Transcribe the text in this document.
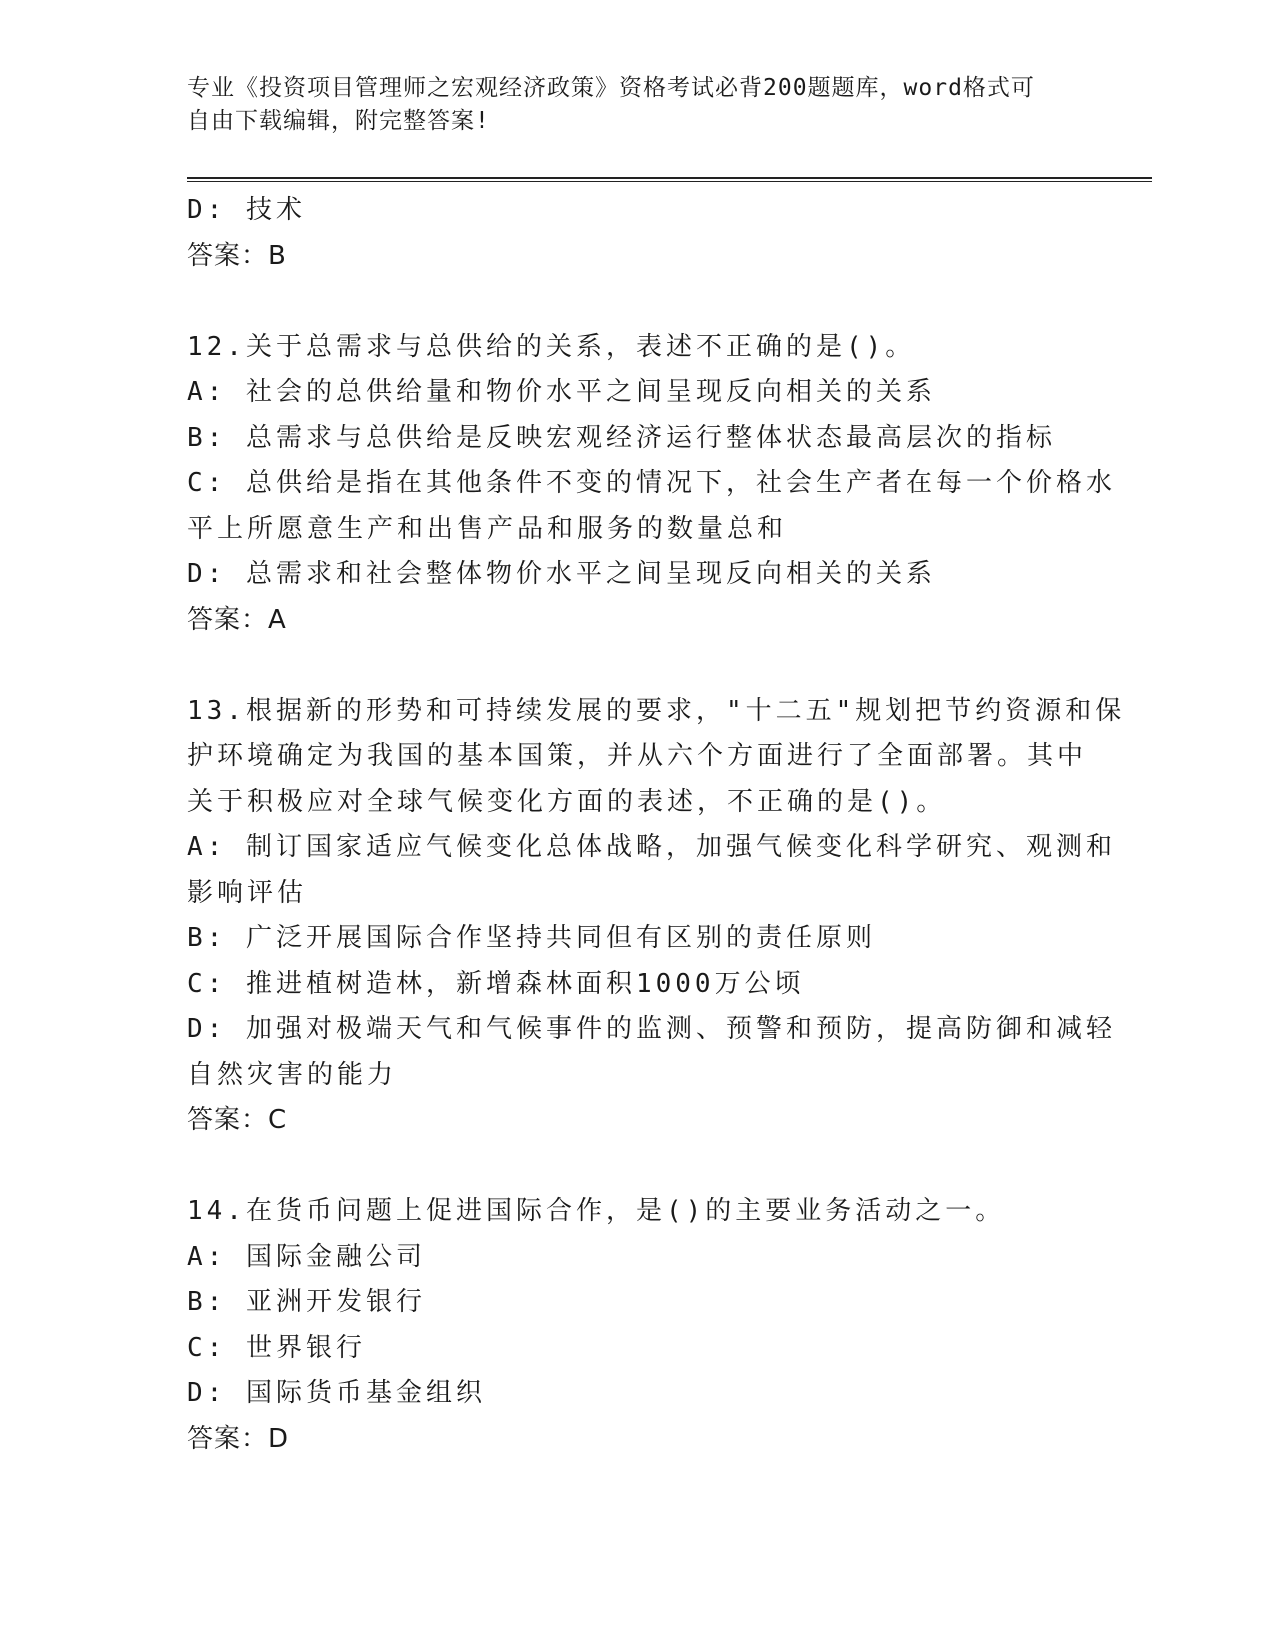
专业《投资项目管理师之宏观经济政策》资格考试必背200题题库，word格式可
自由下载编辑，附完整答案!
D: 技术
答案：B
12.关于总需求与总供给的关系，表述不正确的是()。
A: 社会的总供给量和物价水平之间呈现反向相关的关系
B: 总需求与总供给是反映宏观经济运行整体状态最高层次的指标
C: 总供给是指在其他条件不变的情况下，社会生产者在每一个价格水
平上所愿意生产和出售产品和服务的数量总和
D: 总需求和社会整体物价水平之间呈现反向相关的关系
答案：A
13.根据新的形势和可持续发展的要求，"十二五"规划把节约资源和保
护环境确定为我国的基本国策，并从六个方面进行了全面部署。其中
关于积极应对全球气候变化方面的表述，不正确的是()。
A: 制订国家适应气候变化总体战略，加强气候变化科学研究、观测和
影响评估
B: 广泛开展国际合作坚持共同但有区别的责任原则
C: 推进植树造林，新增森林面积1000万公顷
D: 加强对极端天气和气候事件的监测、预警和预防，提高防御和减轻
自然灾害的能力
答案：C
14.在货币问题上促进国际合作，是()的主要业务活动之一。
A: 国际金融公司
B: 亚洲开发银行
C: 世界银行
D: 国际货币基金组织
答案：D
